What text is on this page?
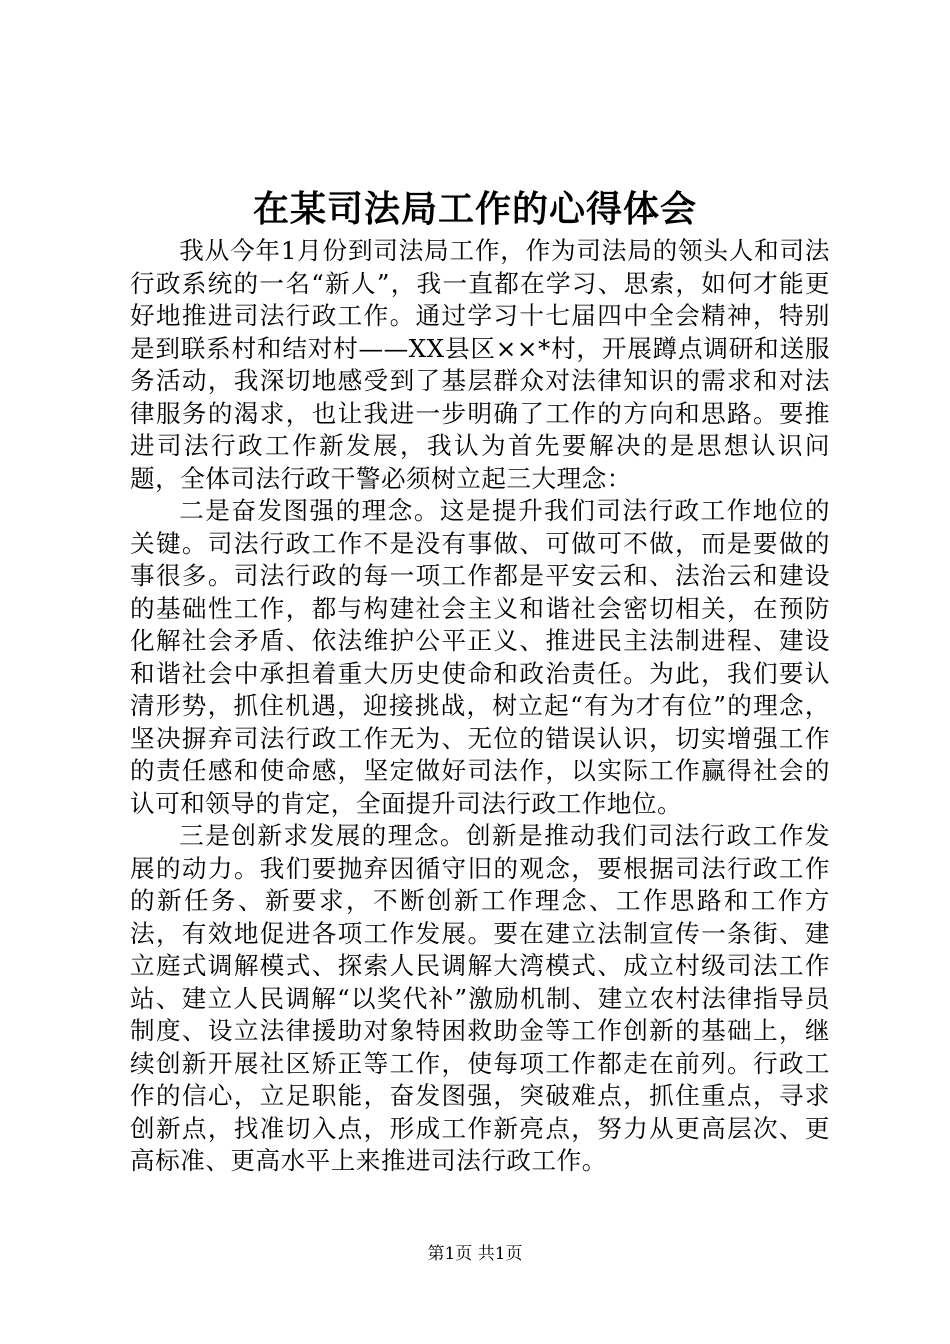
在某司法局工作的心得体会

我从今年1月份到司法局工作，作为司法局的领头人和司法行政系统的一名“新人”，我一直都在学习、思索，如何才能更好地推进司法行政工作。通过学习十七届四中全会精神，特别是到联系村和结对村——XX县区××*村，开展蹲点调研和送服务活动，我深切地感受到了基层群众对法律知识的需求和对法律服务的渴求，也让我进一步明确了工作的方向和思路。要推进司法行政工作新发展，我认为首先要解决的是思想认识问题，全体司法行政干警必须树立起三大理念：

二是奋发图强的理念。这是提升我们司法行政工作地位的关键。司法行政工作不是没有事做、可做可不做，而是要做的事很多。司法行政的每一项工作都是平安云和、法治云和建设的基础性工作，都与构建社会主义和谐社会密切相关，在预防化解社会矛盾、依法维护公平正义、推进民主法制进程、建设和谐社会中承担着重大历史使命和政治责任。为此，我们要认清形势，抓住机遇，迎接挑战，树立起“有为才有位”的理念，坚决摒弃司法行政工作无为、无位的错误认识，切实增强工作的责任感和使命感，坚定做好司法作，以实际工作赢得社会的认可和领导的肯定，全面提升司法行政工作地位。

三是创新求发展的理念。创新是推动我们司法行政工作发展的动力。我们要抛弃因循守旧的观念，要根据司法行政工作的新任务、新要求，不断创新工作理念、工作思路和工作方法，有效地促进各项工作发展。要在建立法制宣传一条街、建立庭式调解模式、探索人民调解大湾模式、成立村级司法工作站、建立人民调解“以奖代补”激励机制、建立农村法律指导员制度、设立法律援助对象特困救助金等工作创新的基础上，继续创新开展社区矫正等工作，使每项工作都走在前列。行政工作的信心，立足职能，奋发图强，突破难点，抓住重点，寻求创新点，找准切入点，形成工作新亮点，努力从更高层次、更高标准、更高水平上来推进司法行政工作。

第1页 共1页
